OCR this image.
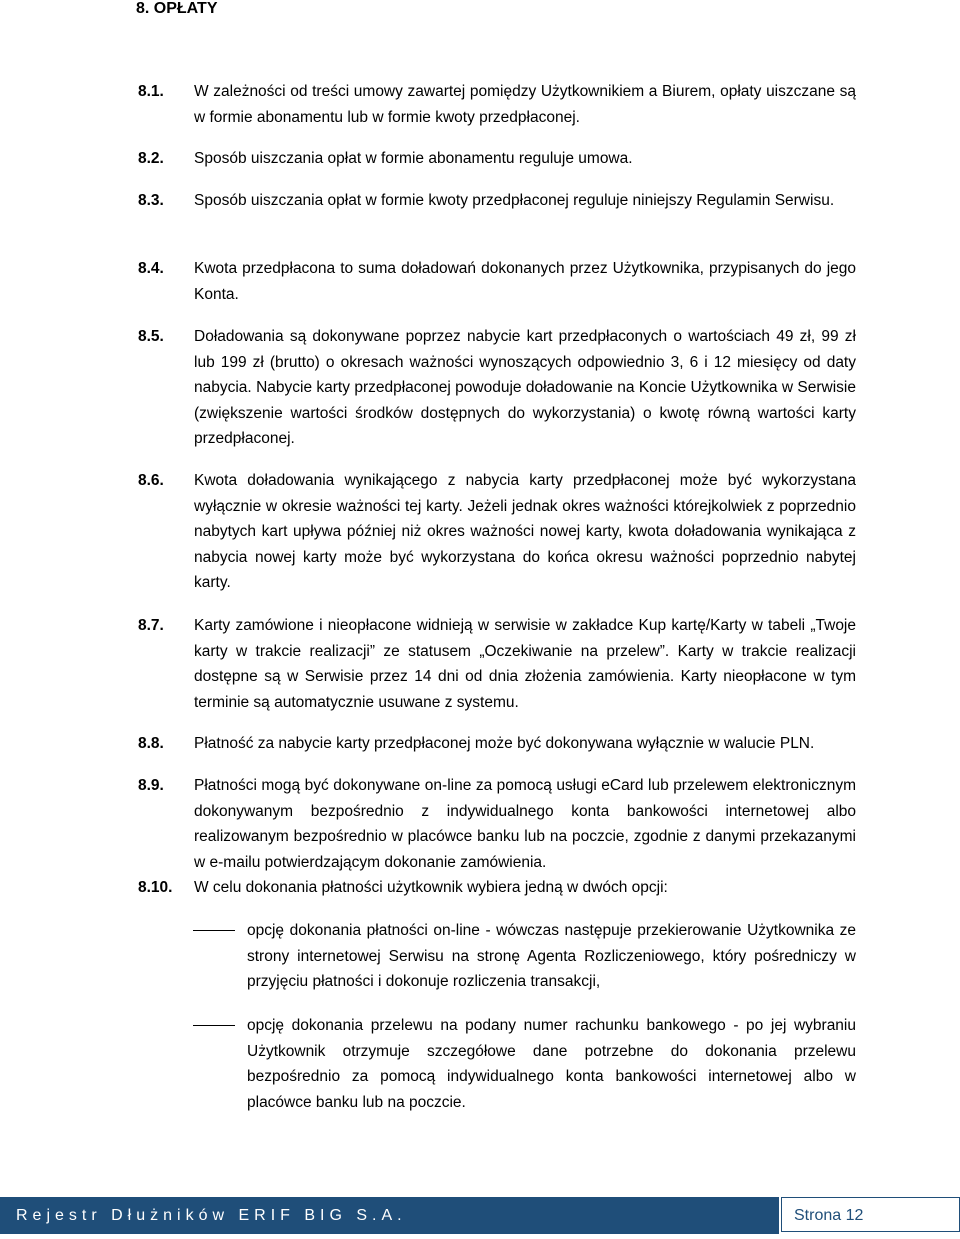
8. OPŁATY
8.1. W zależności od treści umowy zawartej pomiędzy Użytkownikiem a Biurem, opłaty uiszczane są w formie abonamentu lub w formie kwoty przedpłaconej.
8.2. Sposób uiszczania opłat w formie abonamentu reguluje umowa.
8.3. Sposób uiszczania opłat w formie kwoty przedpłaconej reguluje niniejszy Regulamin Serwisu.
8.4. Kwota przedpłacona to suma doładowań dokonanych przez Użytkownika, przypisanych do jego Konta.
8.5. Doładowania są dokonywane poprzez nabycie kart przedpłaconych o wartościach 49 zł, 99 zł lub 199 zł (brutto) o okresach ważności wynoszących odpowiednio 3, 6 i 12 miesięcy od daty nabycia. Nabycie karty przedpłaconej powoduje doładowanie na Koncie Użytkownika w Serwisie (zwiększenie wartości środków dostępnych do wykorzystania) o kwotę równą wartości karty przedpłaconej.
8.6. Kwota doładowania wynikającego z nabycia karty przedpłaconej może być wykorzystana wyłącznie w okresie ważności tej karty. Jeżeli jednak okres ważności którejkolwiek z poprzednio nabytych kart upływa później niż okres ważności nowej karty, kwota doładowania wynikająca z nabycia nowej karty może być wykorzystana do końca okresu ważności poprzednio nabytej karty.
8.7. Karty zamówione i nieopłacone widnieją w serwisie w zakładce Kup kartę/Karty w tabeli „Twoje karty w trakcie realizacji” ze statusem „Oczekiwanie na przelew”. Karty w trakcie realizacji dostępne są w Serwisie przez 14 dni od dnia złożenia zamówienia. Karty nieopłacone w tym terminie są automatycznie usuwane z systemu.
8.8. Płatność za nabycie karty przedpłaconej może być dokonywana wyłącznie w walucie PLN.
8.9. Płatności mogą być dokonywane on-line za pomocą usługi eCard lub przelewem elektronicznym dokonywanym bezpośrednio z indywidualnego konta bankowości internetowej albo realizowanym bezpośrednio w placówce banku lub na poczcie, zgodnie z danymi przekazanymi w e-mailu potwierdzającym dokonanie zamówienia.
8.10. W celu dokonania płatności użytkownik wybiera jedną w dwóch opcji:
opcję dokonania płatności on-line - wówczas następuje przekierowanie Użytkownika ze strony internetowej Serwisu na stronę Agenta Rozliczeniowego, który pośredniczy w przyjęciu płatności i dokonuje rozliczenia transakcji,
opcję dokonania przelewu na podany numer rachunku bankowego - po jej wybraniu Użytkownik otrzymuje szczegółowe dane potrzebne do dokonania przelewu bezpośrednio za pomocą indywidualnego konta bankowości internetowej albo w placówce banku lub na poczcie.
Rejestr Dłużników ERIF BIG S.A.	Strona 12
